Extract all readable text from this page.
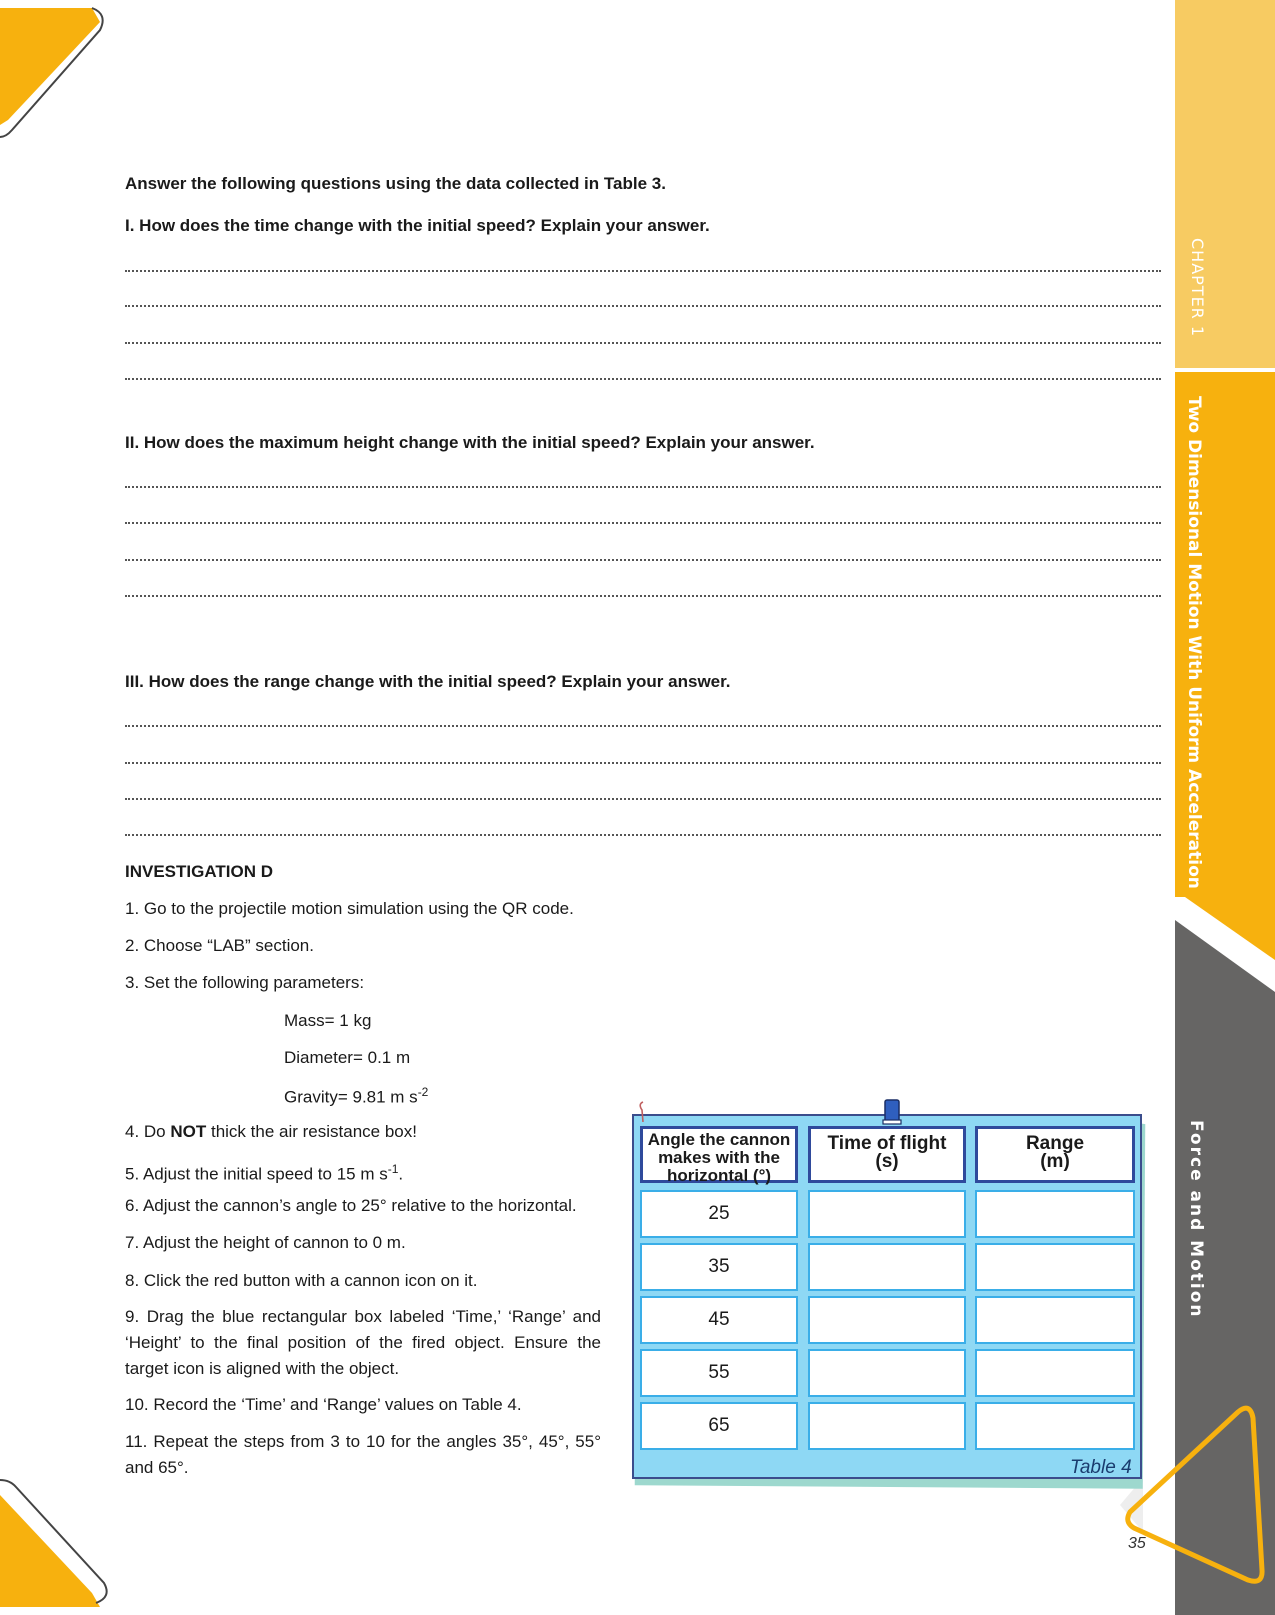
CHAPTER 1
Two Dimensional Motion With Uniform Acceleration
Force and Motion
35
Answer the following questions using the data collected in Table 3.
I. How does the time change with the initial speed? Explain your answer.
II. How does the maximum height change with the initial speed? Explain your answer.
III. How does the range change with the initial speed? Explain your answer.
INVESTIGATION D
1. Go to the projectile motion simulation using the QR code.
2. Choose “LAB” section.
3. Set the following parameters:
Mass= 1 kg
Diameter= 0.1 m
Gravity= 9.81 m $s^{-2}$
4. Do NOT thick the air resistance box!
5. Adjust the initial speed to 15 m $s^{-1}$.
6. Adjust the cannon’s angle to 25° relative to the horizontal.
7. Adjust the height of cannon to 0 m.
8. Click the red button with a cannon icon on it.
9. Drag the blue rectangular box labeled ‘Time,’ ‘Range’ and ‘Height’ to the final position of the fired object. Ensure the target icon is aligned with the object.
10. Record the ‘Time’ and ‘Range’ values on Table 4.
11. Repeat the steps from 3 to 10 for the angles 35°, 45°, 55° and 65°.
Angle the cannon
makes with the
horizontal (°)
Time of flight
(s)
Range
(m)
25
35
45
55
65
Table 4
